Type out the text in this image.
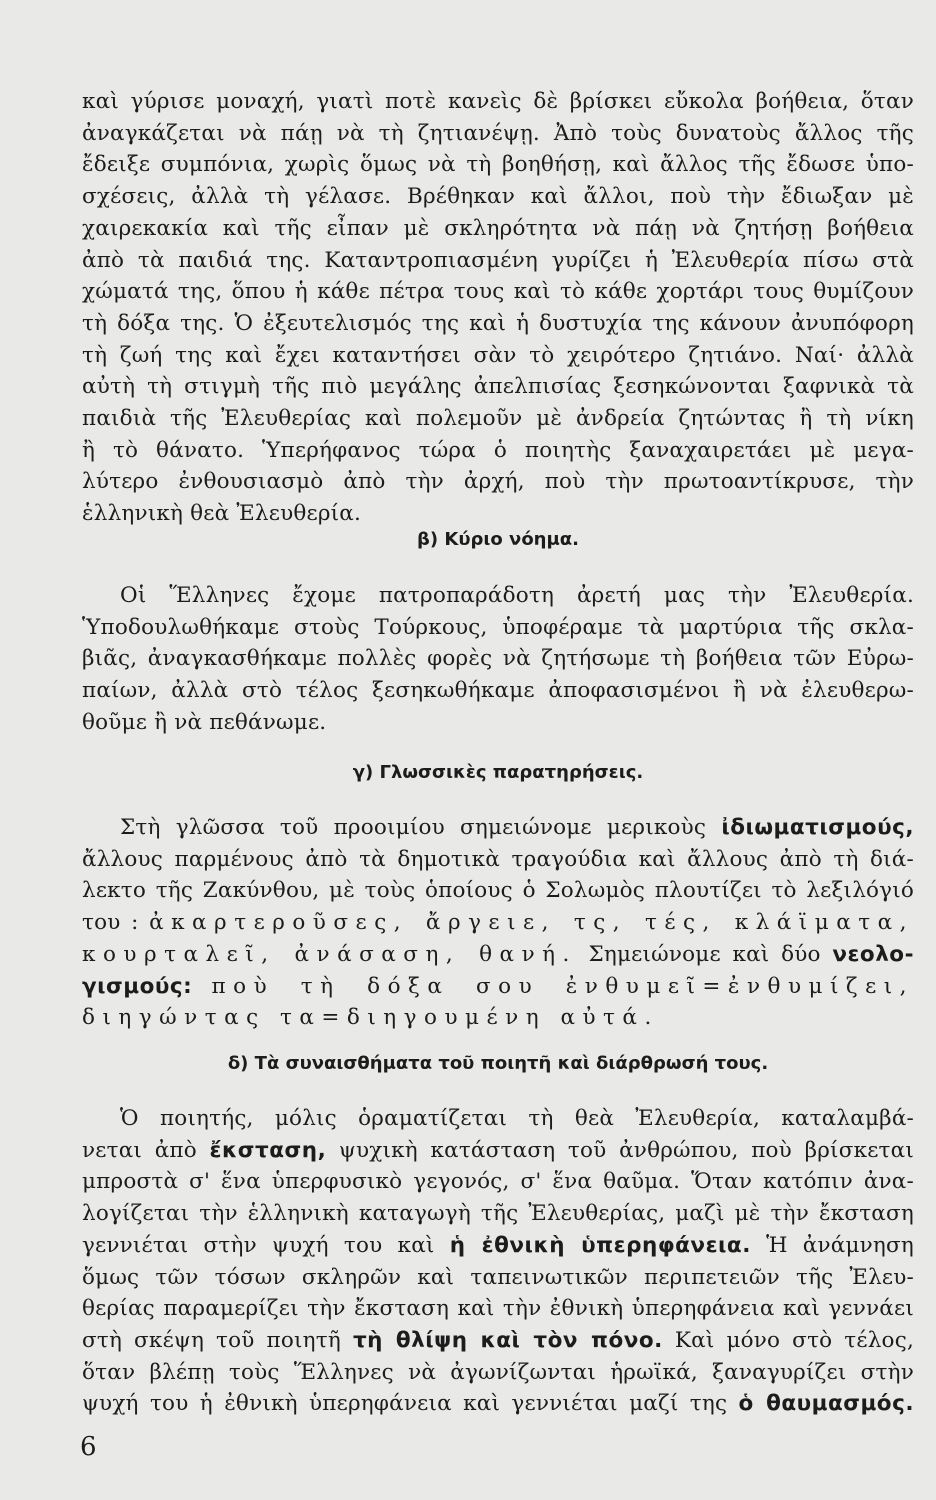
καὶ γύρισε μοναχή, γιατὶ ποτὲ κανεὶς δὲ βρίσκει εὔκολα βοήθεια, ὅταν
ἀναγκάζεται νὰ πάῃ νὰ τὴ ζητιανέψῃ. Ἀπὸ τοὺς δυνατοὺς ἄλλος τῆς
ἔδειξε συμπόνια, χωρὶς ὅμως νὰ τὴ βοηθήσῃ, καὶ ἄλλος τῆς ἔδωσε ὑπο-
σχέσεις, ἀλλὰ τὴ γέλασε. Βρέθηκαν καὶ ἄλλοι, ποὺ τὴν ἔδιωξαν μὲ
χαιρεκακία καὶ τῆς εἶπαν μὲ σκληρότητα νὰ πάῃ νὰ ζητήσῃ βοήθεια
ἀπὸ τὰ παιδιά της. Καταντροπιασμένη γυρίζει ἡ Ἐλευθερία πίσω στὰ
χώματά της, ὅπου ἡ κάθε πέτρα τους καὶ τὸ κάθε χορτάρι τους θυμίζουν
τὴ δόξα της. Ὁ ἐξευτελισμός της καὶ ἡ δυστυχία της κάνουν ἀνυπόφορη
τὴ ζωή της καὶ ἔχει καταντήσει σὰν τὸ χειρότερο ζητιάνο. Ναί· ἀλλὰ
αὐτὴ τὴ στιγμὴ τῆς πιὸ μεγάλης ἀπελπισίας ξεσηκώνονται ξαφνικὰ τὰ
παιδιὰ τῆς Ἐλευθερίας καὶ πολεμοῦν μὲ ἀνδρεία ζητώντας ἢ τὴ νίκη
ἢ τὸ θάνατο. Ὑπερήφανος τώρα ὁ ποιητὴς ξαναχαιρετάει μὲ μεγα-
λύτερο ἐνθουσιασμὸ ἀπὸ τὴν ἀρχή, ποὺ τὴν πρωτοαντίκρυσε, τὴν
ἑλληνικὴ θεὰ Ἐλευθερία.
β) Κύριο νόημα.
Οἱ Ἕλληνες ἔχομε πατροπαράδοτη ἀρετή μας τὴν Ἐλευθερία.
Ὑποδουλωθήκαμε στοὺς Τούρκους, ὑποφέραμε τὰ μαρτύρια τῆς σκλα-
βιᾶς, ἀναγκασθήκαμε πολλὲς φορὲς νὰ ζητήσωμε τὴ βοήθεια τῶν Εὐρω-
παίων, ἀλλὰ στὸ τέλος ξεσηκωθήκαμε ἀποφασισμένοι ἢ νὰ ἐλευθερω-
θοῦμε ἢ νὰ πεθάνωμε.
γ) Γλωσσικὲς παρατηρήσεις.
Στὴ γλῶσσα τοῦ προοιμίου σημειώνομε μερικοὺς ἰδιωματισμούς,
ἄλλους παρμένους ἀπὸ τὰ δημοτικὰ τραγούδια καὶ ἄλλους ἀπὸ τὴ διά-
λεκτο τῆς Ζακύνθου, μὲ τοὺς ὁποίους ὁ Σολωμὸς πλουτίζει τὸ λεξιλόγιό
του : ἀκαρτεροῦσες, ἄργειε, τς, τές, κλάϊματα,
κουρταλεῖ, ἀνάσαση, θανή. Σημειώνομε καὶ δύο νεολο-
γισμούς: ποὺ τὴ δόξα σου ἐνθυμεῖ=ἐνθυμίζει,
διηγώντας τα=διηγουμένη αὐτά.
δ) Τὰ συναισθήματα τοῦ ποιητῆ καὶ διάρθρωσή τους.
Ὁ ποιητής, μόλις ὁραματίζεται τὴ θεὰ Ἐλευθερία, καταλαμβά-
νεται ἀπὸ ἔκσταση, ψυχικὴ κατάσταση τοῦ ἀνθρώπου, ποὺ βρίσκεται
μπροστὰ σ' ἕνα ὑπερφυσικὸ γεγονός, σ' ἕνα θαῦμα. Ὅταν κατόπιν ἀνα-
λογίζεται τὴν ἑλληνικὴ καταγωγὴ τῆς Ἐλευθερίας, μαζὶ μὲ τὴν ἔκσταση
γεννιέται στὴν ψυχή του καὶ ἡ ἐθνικὴ ὑπερηφάνεια. Ἡ ἀνάμνηση
ὅμως τῶν τόσων σκληρῶν καὶ ταπεινωτικῶν περιπετειῶν τῆς Ἐλευ-
θερίας παραμερίζει τὴν ἔκσταση καὶ τὴν ἐθνικὴ ὑπερηφάνεια καὶ γεννάει
στὴ σκέψη τοῦ ποιητῆ τὴ θλίψη καὶ τὸν πόνο. Καὶ μόνο στὸ τέλος,
ὅταν βλέπῃ τοὺς Ἕλληνες νὰ ἀγωνίζωνται ἡρωϊκά, ξαναγυρίζει στὴν
ψυχή του ἡ ἐθνικὴ ὑπερηφάνεια καὶ γεννιέται μαζί της ὁ θαυμασμός.
6
